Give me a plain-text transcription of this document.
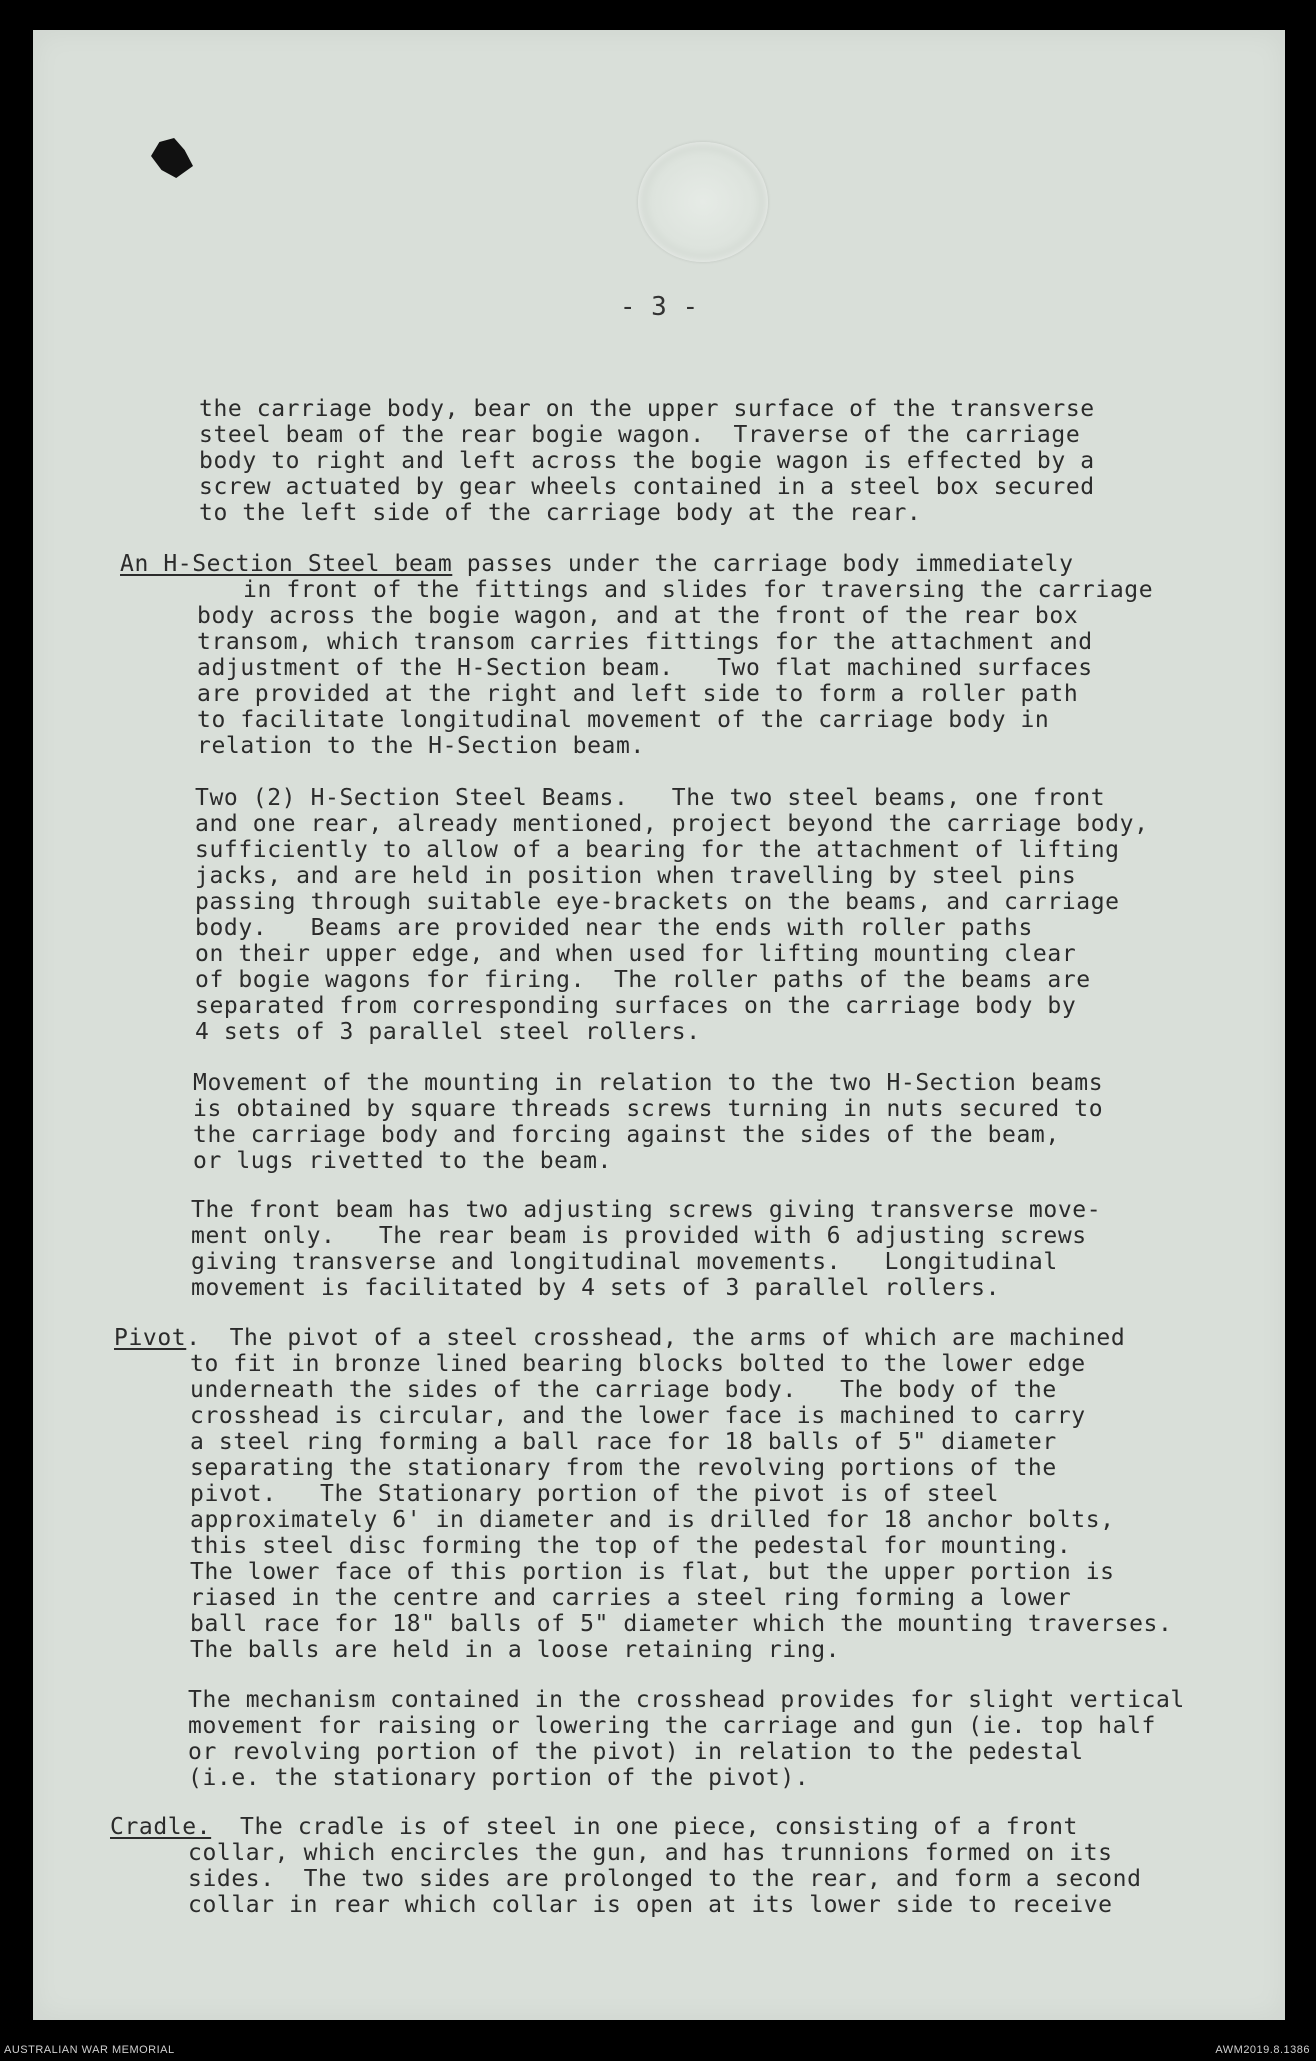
- 3 -
the carriage body, bear on the upper surface of the transverse
steel beam of the rear bogie wagon.  Traverse of the carriage
body to right and left across the bogie wagon is effected by a
screw actuated by gear wheels contained in a steel box secured
to the left side of the carriage body at the rear.
An H-Section Steel beam passes under the carriage body immediately
in front of the fittings and slides for traversing the carriage
body across the bogie wagon, and at the front of the rear box
transom, which transom carries fittings for the attachment and
adjustment of the H-Section beam.   Two flat machined surfaces
are provided at the right and left side to form a roller path
to facilitate longitudinal movement of the carriage body in
relation to the H-Section beam.
Two (2) H-Section Steel Beams.   The two steel beams, one front
and one rear, already mentioned, project beyond the carriage body,
sufficiently to allow of a bearing for the attachment of lifting
jacks, and are held in position when travelling by steel pins
passing through suitable eye-brackets on the beams, and carriage
body.   Beams are provided near the ends with roller paths
on their upper edge, and when used for lifting mounting clear
of bogie wagons for firing.  The roller paths of the beams are
separated from corresponding surfaces on the carriage body by
4 sets of 3 parallel steel rollers.
Movement of the mounting in relation to the two H-Section beams
is obtained by square threads screws turning in nuts secured to
the carriage body and forcing against the sides of the beam,
or lugs rivetted to the beam.
The front beam has two adjusting screws giving transverse move-
ment only.   The rear beam is provided with 6 adjusting screws
giving transverse and longitudinal movements.   Longitudinal
movement is facilitated by 4 sets of 3 parallel rollers.
Pivot.  The pivot of a steel crosshead, the arms of which are machined
to fit in bronze lined bearing blocks bolted to the lower edge
underneath the sides of the carriage body.   The body of the
crosshead is circular, and the lower face is machined to carry
a steel ring forming a ball race for 18 balls of 5" diameter
separating the stationary from the revolving portions of the
pivot.   The Stationary portion of the pivot is of steel
approximately 6' in diameter and is drilled for 18 anchor bolts,
this steel disc forming the top of the pedestal for mounting.
The lower face of this portion is flat, but the upper portion is
riased in the centre and carries a steel ring forming a lower
ball race for 18" balls of 5" diameter which the mounting traverses.
The balls are held in a loose retaining ring.
The mechanism contained in the crosshead provides for slight vertical
movement for raising or lowering the carriage and gun (ie. top half
or revolving portion of the pivot) in relation to the pedestal
(i.e. the stationary portion of the pivot).
Cradle.  The cradle is of steel in one piece, consisting of a front
collar, which encircles the gun, and has trunnions formed on its
sides.  The two sides are prolonged to the rear, and form a second
collar in rear which collar is open at its lower side to receive
AUSTRALIAN WAR MEMORIAL	AWM2019.8.1386
